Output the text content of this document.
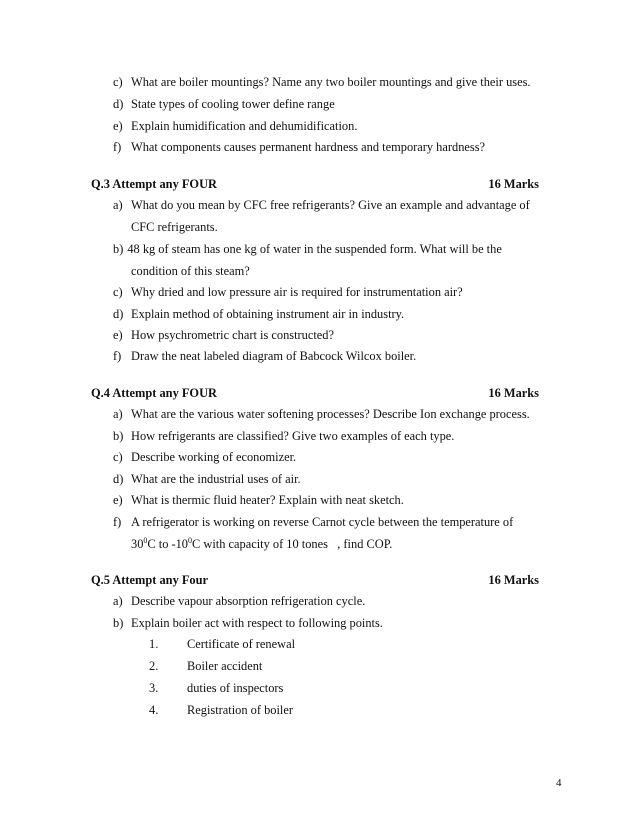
c) What are boiler mountings? Name any two boiler mountings and give their uses.
d) State types of cooling tower define range
e) Explain humidification and dehumidification.
f) What components causes permanent hardness and temporary hardness?
Q.3 Attempt any FOUR	16 Marks
a) What do you mean by CFC free refrigerants? Give an example and advantage of
CFC refrigerants.
b) 48 kg of steam has one kg of water in the suspended form. What will be the
condition of this steam?
c) Why dried and low pressure air is required for instrumentation air?
d) Explain method of obtaining instrument air in industry.
e) How psychrometric chart is constructed?
f) Draw the neat labeled diagram of Babcock Wilcox boiler.
Q.4 Attempt any FOUR	16 Marks
a) What are the various water softening processes? Describe Ion exchange process.
b) How refrigerants are classified? Give two examples of each type.
c) Describe working of economizer.
d) What are the industrial uses of air.
e) What is thermic fluid heater? Explain with neat sketch.
f) A refrigerator is working on reverse Carnot cycle between the temperature of
$30^0C$ to $-10^0C$ with capacity of 10 tones   , find COP.
Q.5 Attempt any Four	16 Marks
a) Describe vapour absorption refrigeration cycle.
b) Explain boiler act with respect to following points.
1. Certificate of renewal
2. Boiler accident
3. duties of inspectors
4. Registration of boiler
4
